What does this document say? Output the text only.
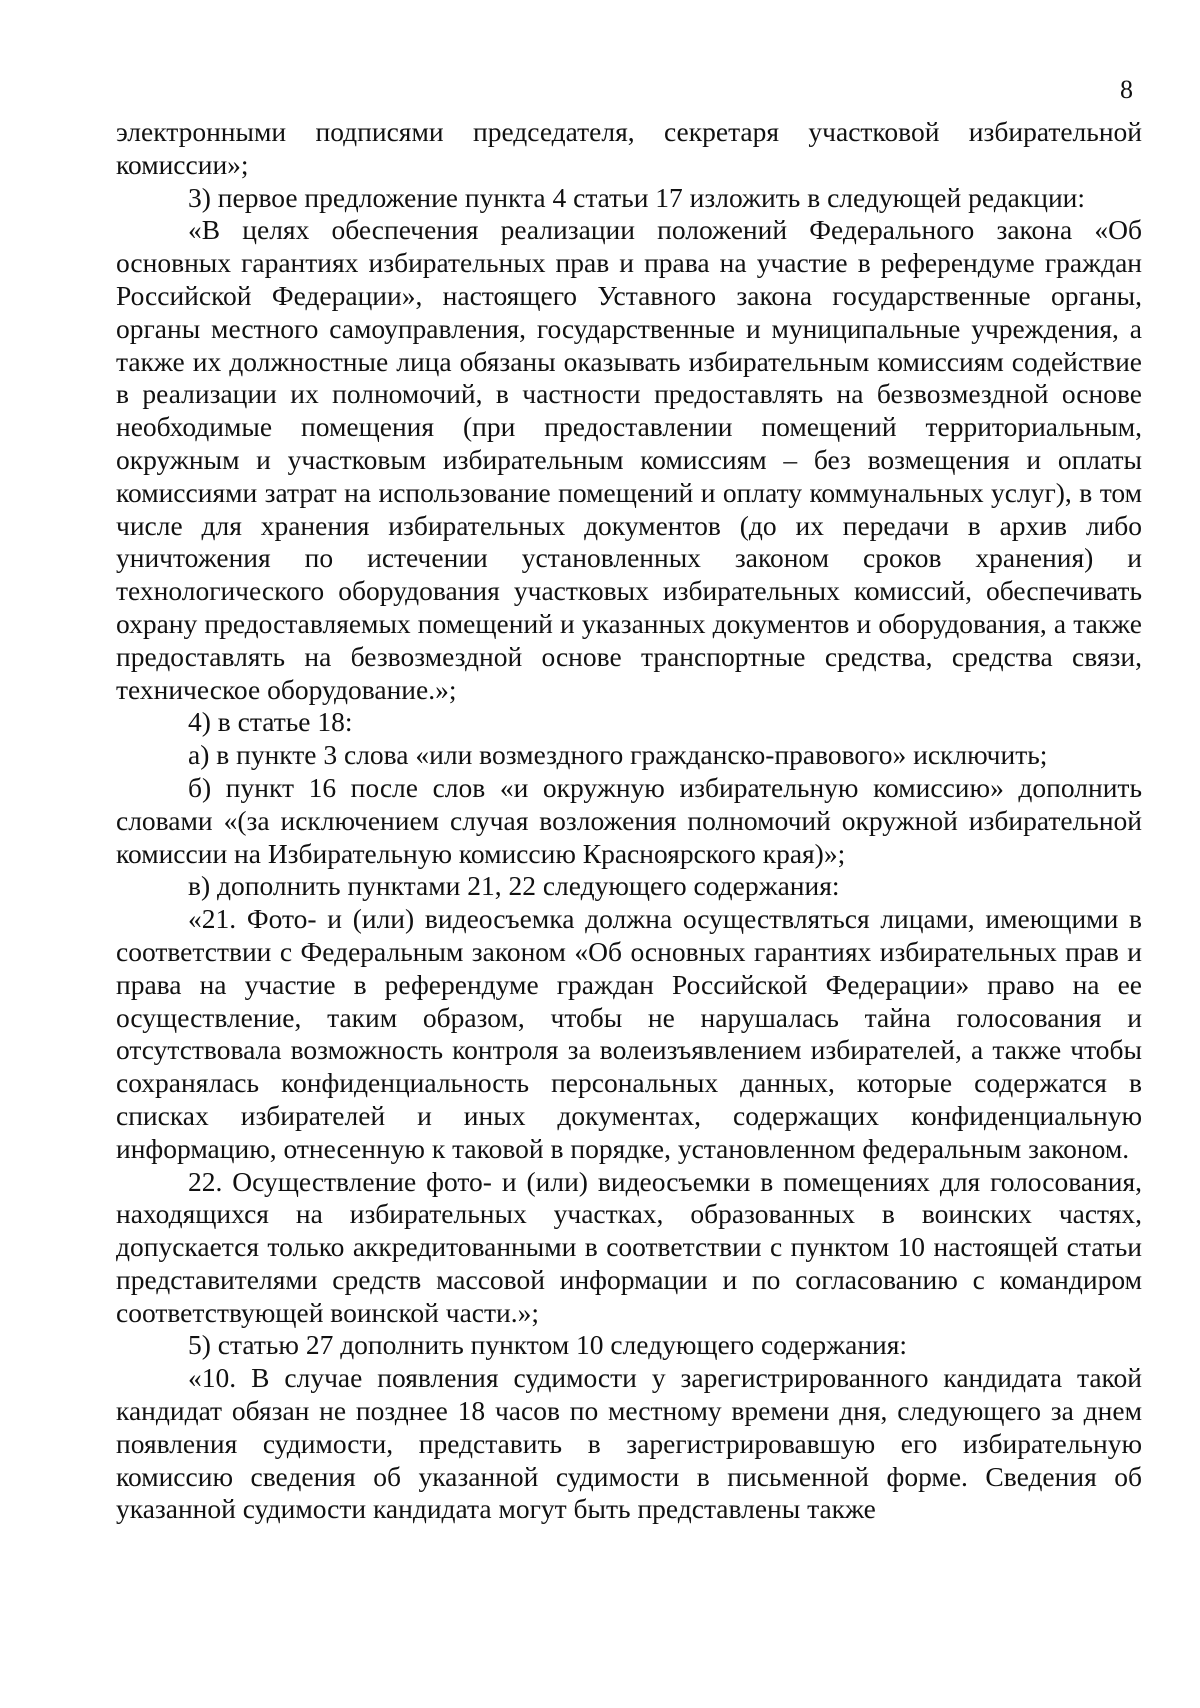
8

электронными подписями председателя, секретаря участковой избирательной комиссии»;

3) первое предложение пункта 4 статьи 17 изложить в следующей редакции:

«В целях обеспечения реализации положений Федерального закона «Об основных гарантиях избирательных прав и права на участие в референдуме граждан Российской Федерации», настоящего Уставного закона государственные органы, органы местного самоуправления, государственные и муниципальные учреждения, а также их должностные лица обязаны оказывать избирательным комиссиям содействие в реализации их полномочий, в частности предоставлять на безвозмездной основе необходимые помещения (при предоставлении помещений территориальным, окружным и участковым избирательным комиссиям – без возмещения и оплаты комиссиями затрат на использование помещений и оплату коммунальных услуг), в том числе для хранения избирательных документов (до их передачи в архив либо уничтожения по истечении установленных законом сроков хранения) и технологического оборудования участковых избирательных комиссий, обеспечивать охрану предоставляемых помещений и указанных документов и оборудования, а также предоставлять на безвозмездной основе транспортные средства, средства связи, техническое оборудование.»;

4) в статье 18:

а) в пункте 3 слова «или возмездного гражданско-правового» исключить;

б) пункт 16 после слов «и окружную избирательную комиссию» дополнить словами «(за исключением случая возложения полномочий окружной избирательной комиссии на Избирательную комиссию Красноярского края)»;

в) дополнить пунктами 21, 22 следующего содержания:

«21. Фото- и (или) видеосъемка должна осуществляться лицами, имеющими в соответствии с Федеральным законом «Об основных гарантиях избирательных прав и права на участие в референдуме граждан Российской Федерации» право на ее осуществление, таким образом, чтобы не нарушалась тайна голосования и отсутствовала возможность контроля за волеизъявлением избирателей, а также чтобы сохранялась конфиденциальность персональных данных, которые содержатся в списках избирателей и иных документах, содержащих конфиденциальную информацию, отнесенную к таковой в порядке, установленном федеральным законом.

22. Осуществление фото- и (или) видеосъемки в помещениях для голосования, находящихся на избирательных участках, образованных в воинских частях, допускается только аккредитованными в соответствии с пунктом 10 настоящей статьи представителями средств массовой информации и по согласованию с командиром соответствующей воинской части.»;

5) статью 27 дополнить пунктом 10 следующего содержания:

«10. В случае появления судимости у зарегистрированного кандидата такой кандидат обязан не позднее 18 часов по местному времени дня, следующего за днем появления судимости, представить в зарегистрировавшую его избирательную комиссию сведения об указанной судимости в письменной форме. Сведения об указанной судимости кандидата могут быть представлены также
